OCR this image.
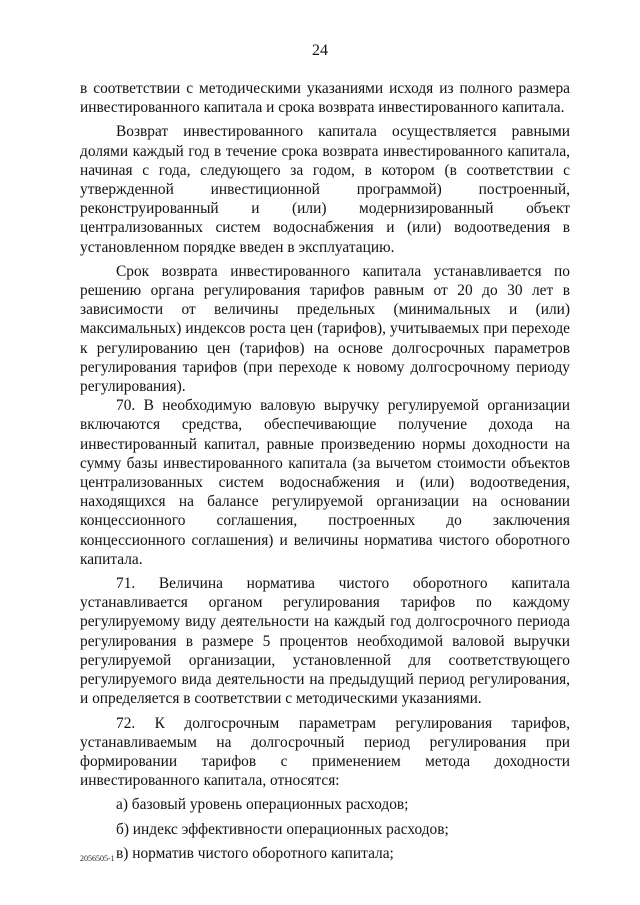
24

в соответствии с методическими указаниями исходя из полного размера инвестированного капитала и срока возврата инвестированного капитала.

Возврат инвестированного капитала осуществляется равными долями каждый год в течение срока возврата инвестированного капитала, начиная с года, следующего за годом, в котором (в соответствии с утвержденной инвестиционной программой) построенный, реконструированный и (или) модернизированный объект централизованных систем водоснабжения и (или) водоотведения в установленном порядке введен в эксплуатацию.

Срок возврата инвестированного капитала устанавливается по решению органа регулирования тарифов равным от 20 до 30 лет в зависимости от величины предельных (минимальных и (или) максимальных) индексов роста цен (тарифов), учитываемых при переходе к регулированию цен (тарифов) на основе долгосрочных параметров регулирования тарифов (при переходе к новому долгосрочному периоду регулирования).

70. В необходимую валовую выручку регулируемой организации включаются средства, обеспечивающие получение дохода на инвестированный капитал, равные произведению нормы доходности на сумму базы инвестированного капитала (за вычетом стоимости объектов централизованных систем водоснабжения и (или) водоотведения, находящихся на балансе регулируемой организации на основании концессионного соглашения, построенных до заключения концессионного соглашения) и величины норматива чистого оборотного капитала.

71. Величина норматива чистого оборотного капитала устанавливается органом регулирования тарифов по каждому регулируемому виду деятельности на каждый год долгосрочного периода регулирования в размере 5 процентов необходимой валовой выручки регулируемой организации, установленной для соответствующего регулируемого вида деятельности на предыдущий период регулирования, и определяется в соответствии с методическими указаниями.

72. К долгосрочным параметрам регулирования тарифов, устанавливаемым на долгосрочный период регулирования при формировании тарифов с применением метода доходности инвестированного капитала, относятся:

а) базовый уровень операционных расходов;

б) индекс эффективности операционных расходов;

в) норматив чистого оборотного капитала;

2056505-1
